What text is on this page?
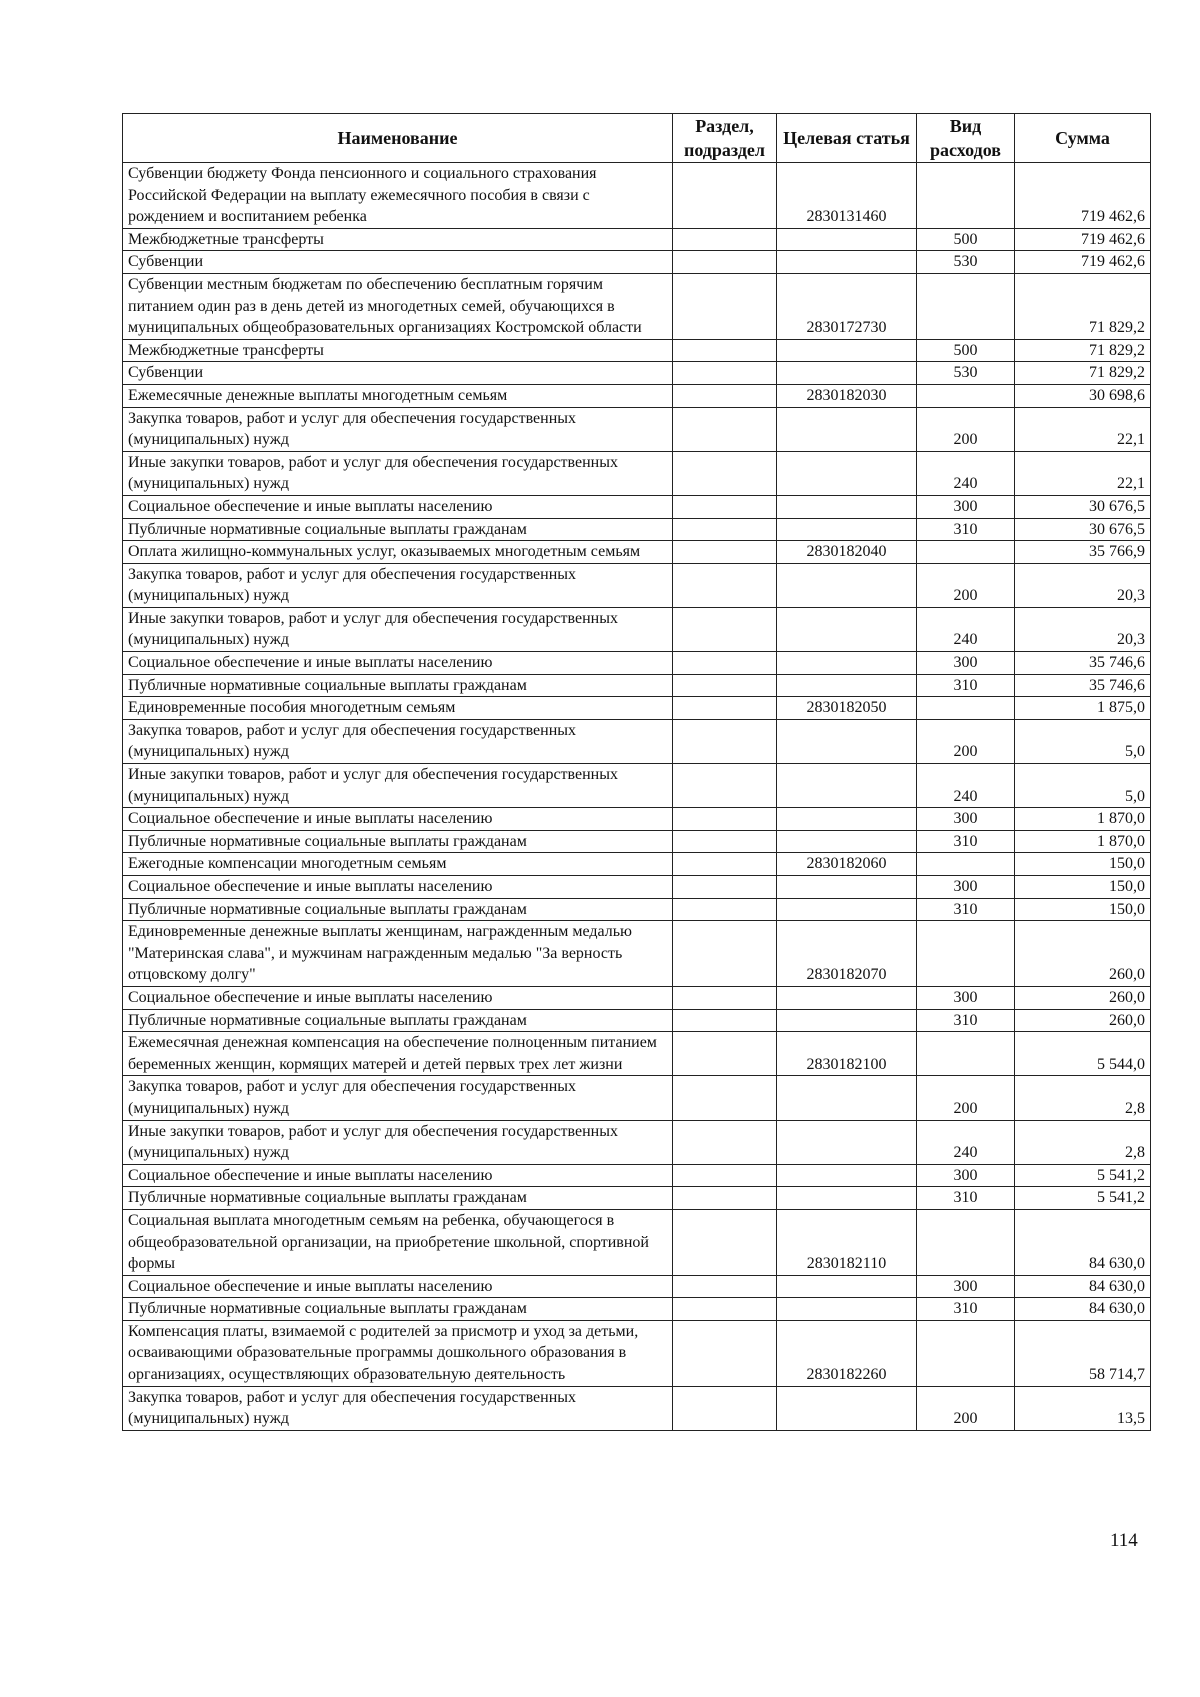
Наименование	Раздел, подраздел	Целевая статья	Вид расходов	Сумма
Субвенции бюджету Фонда пенсионного и социального страхования Российской Федерации на выплату ежемесячного пособия в связи с рождением и воспитанием ребенка		2830131460		719 462,6
Межбюджетные трансферты			500	719 462,6
Субвенции			530	719 462,6
Субвенции местным бюджетам по обеспечению бесплатным горячим питанием один раз в день детей из многодетных семей, обучающихся в муниципальных общеобразовательных организациях Костромской области		2830172730		71 829,2
Межбюджетные трансферты			500	71 829,2
Субвенции			530	71 829,2
Ежемесячные денежные выплаты многодетным семьям		2830182030		30 698,6
Закупка товаров, работ и услуг для обеспечения государственных (муниципальных) нужд			200	22,1
Иные закупки товаров, работ и услуг для обеспечения государственных (муниципальных) нужд			240	22,1
Социальное обеспечение и иные выплаты населению			300	30 676,5
Публичные нормативные социальные выплаты гражданам			310	30 676,5
Оплата жилищно-коммунальных услуг, оказываемых многодетным семьям		2830182040		35 766,9
Закупка товаров, работ и услуг для обеспечения государственных (муниципальных) нужд			200	20,3
Иные закупки товаров, работ и услуг для обеспечения государственных (муниципальных) нужд			240	20,3
Социальное обеспечение и иные выплаты населению			300	35 746,6
Публичные нормативные социальные выплаты гражданам			310	35 746,6
Единовременные пособия многодетным семьям		2830182050		1 875,0
Закупка товаров, работ и услуг для обеспечения государственных (муниципальных) нужд			200	5,0
Иные закупки товаров, работ и услуг для обеспечения государственных (муниципальных) нужд			240	5,0
Социальное обеспечение и иные выплаты населению			300	1 870,0
Публичные нормативные социальные выплаты гражданам			310	1 870,0
Ежегодные компенсации многодетным семьям		2830182060		150,0
Социальное обеспечение и иные выплаты населению			300	150,0
Публичные нормативные социальные выплаты гражданам			310	150,0
Единовременные денежные выплаты женщинам, награжденным медалью "Материнская слава", и мужчинам награжденным медалью "За верность отцовскому долгу"		2830182070		260,0
Социальное обеспечение и иные выплаты населению			300	260,0
Публичные нормативные социальные выплаты гражданам			310	260,0
Ежемесячная денежная компенсация на обеспечение полноценным питанием беременных женщин, кормящих матерей и детей первых трех лет жизни		2830182100		5 544,0
Закупка товаров, работ и услуг для обеспечения государственных (муниципальных) нужд			200	2,8
Иные закупки товаров, работ и услуг для обеспечения государственных (муниципальных) нужд			240	2,8
Социальное обеспечение и иные выплаты населению			300	5 541,2
Публичные нормативные социальные выплаты гражданам			310	5 541,2
Социальная выплата многодетным семьям на ребенка, обучающегося в общеобразовательной организации, на приобретение школьной, спортивной формы		2830182110		84 630,0
Социальное обеспечение и иные выплаты населению			300	84 630,0
Публичные нормативные социальные выплаты гражданам			310	84 630,0
Компенсация платы, взимаемой с родителей за присмотр и уход за детьми, осваивающими образовательные программы дошкольного образования в организациях, осуществляющих образовательную деятельность		2830182260		58 714,7
Закупка товаров, работ и услуг для обеспечения государственных (муниципальных) нужд			200	13,5
114
